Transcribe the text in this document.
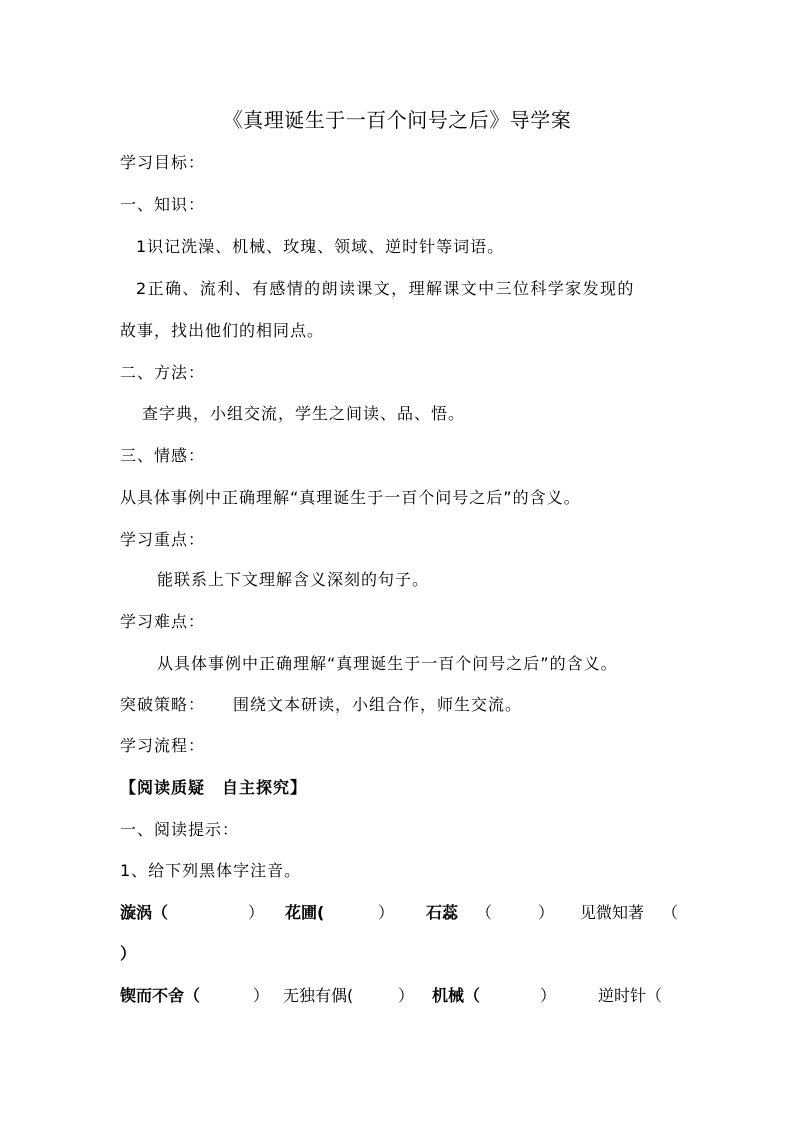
《真理诞生于一百个问号之后》导学案
学习目标：
一、知识：
1识记洗澡、机械、玫瑰、领域、逆时针等词语。
2正确、流利、有感情的朗读课文，理解课文中三位科学家发现的
故事，找出他们的相同点。
二、方法：
查字典，小组交流，学生之间读、品、悟。
三、情感：
从具体事例中正确理解“真理诞生于一百个问号之后”的含义。
学习重点：
能联系上下文理解含义深刻的句子。
学习难点：
从具体事例中正确理解“真理诞生于一百个问号之后”的含义。
突破策略： 围绕文本研读，小组合作，师生交流。
学习流程：
【阅读质疑　自主探究】
一、阅读提示：
1、给下列黑体字注音。
漩涡（	） 花圃(	） 石蕊 （	） 见微知著 （
）
锲而不舍（	） 无独有偶(	） 机械（	）	逆时针（
